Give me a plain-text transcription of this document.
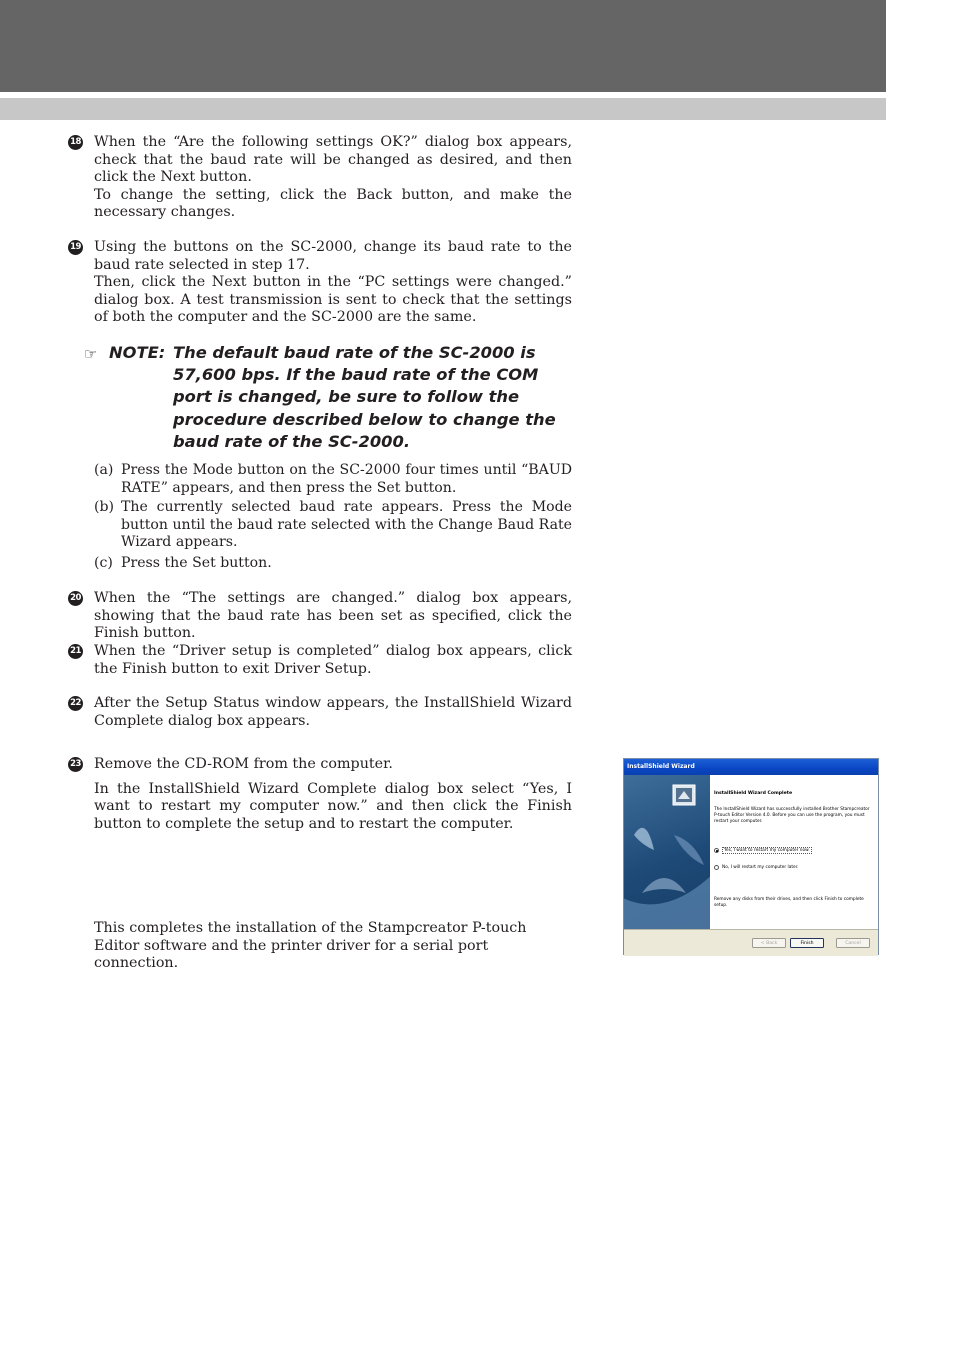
18 When the “Are the following settings OK?” dialog box appears, check that the baud rate will be changed as desired, and then click the Next button.

To change the setting, click the Back button, and make the necessary changes.

19 Using the buttons on the SC-2000, change its baud rate to the baud rate selected in step 17.

Then, click the Next button in the “PC settings were changed.” dialog box. A test transmission is sent to check that the settings of both the computer and the SC-2000 are the same.

☞ NOTE: The default baud rate of the SC-2000 is 57,600 bps. If the baud rate of the COM port is changed, be sure to follow the procedure described below to change the baud rate of the SC-2000.
(a) Press the Mode button on the SC-2000 four times until “BAUD RATE” appears, and then press the Set button.
(b) The currently selected baud rate appears. Press the Mode button until the baud rate selected with the Change Baud Rate Wizard appears.
(c) Press the Set button.
20 When the “The settings are changed.” dialog box appears, showing that the baud rate has been set as specified, click the Finish button.

21 When the “Driver setup is completed” dialog box appears, click the Finish button to exit Driver Setup.

22 After the Setup Status window appears, the InstallShield Wizard Complete dialog box appears.

23 Remove the CD-ROM from the computer.

In the InstallShield Wizard Complete dialog box select “Yes, I want to restart my computer now.” and then click the Finish button to complete the setup and to restart the computer.

This completes the installation of the Stampcreator P-touch Editor software and the printer driver for a serial port connection.
InstallShield Wizard
InstallShield Wizard Complete
The InstallShield Wizard has successfully installed Brother Stampcreator P-touch Editor Version 4.0. Before you can use the program, you must restart your computer.
Yes, I want to restart my computer now.
No, I will restart my computer later.
Remove any disks from their drives, and then click Finish to complete setup.
< Back	Finish	Cancel
